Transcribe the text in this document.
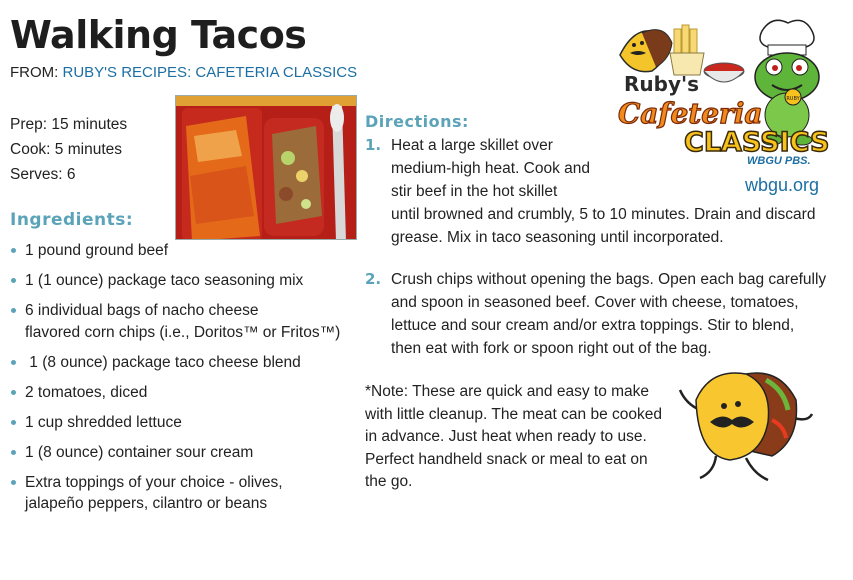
Walking Tacos
FROM: RUBY'S RECIPES: CAFETERIA CLASSICS
Prep: 15 minutes
Cook: 5 minutes
Serves: 6
Ingredients:
1 pound ground beef
1 (1 ounce) package taco seasoning mix
6 individual bags of nacho cheese
flavored corn chips (i.e., Doritos™ or Fritos™)
1 (8 ounce) package taco cheese blend
2 tomatoes, diced
1 cup shredded lettuce
1 (8 ounce) container sour cream
Extra toppings of your choice - olives,
jalapeño peppers, cilantro or beans
Directions:
1. Heat a large skillet over
medium-high heat. Cook and
stir beef in the hot skillet
until browned and crumbly, 5 to 10 minutes. Drain and discard
grease. Mix in taco seasoning until incorporated.
2. Crush chips without opening the bags. Open each bag carefully
and spoon in seasoned beef. Cover with cheese, tomatoes,
lettuce and sour cream and/or extra toppings. Stir to blend,
then eat with fork or spoon right out of the bag.
*Note: These are quick and easy to make with little cleanup. The meat can be cooked in advance. Just heat when ready to use. Perfect handheld snack or meal to eat on the go.
RUBY
Ruby's
Cafeteria
CLASSICS
WBGU PBS.
wbgu.org
